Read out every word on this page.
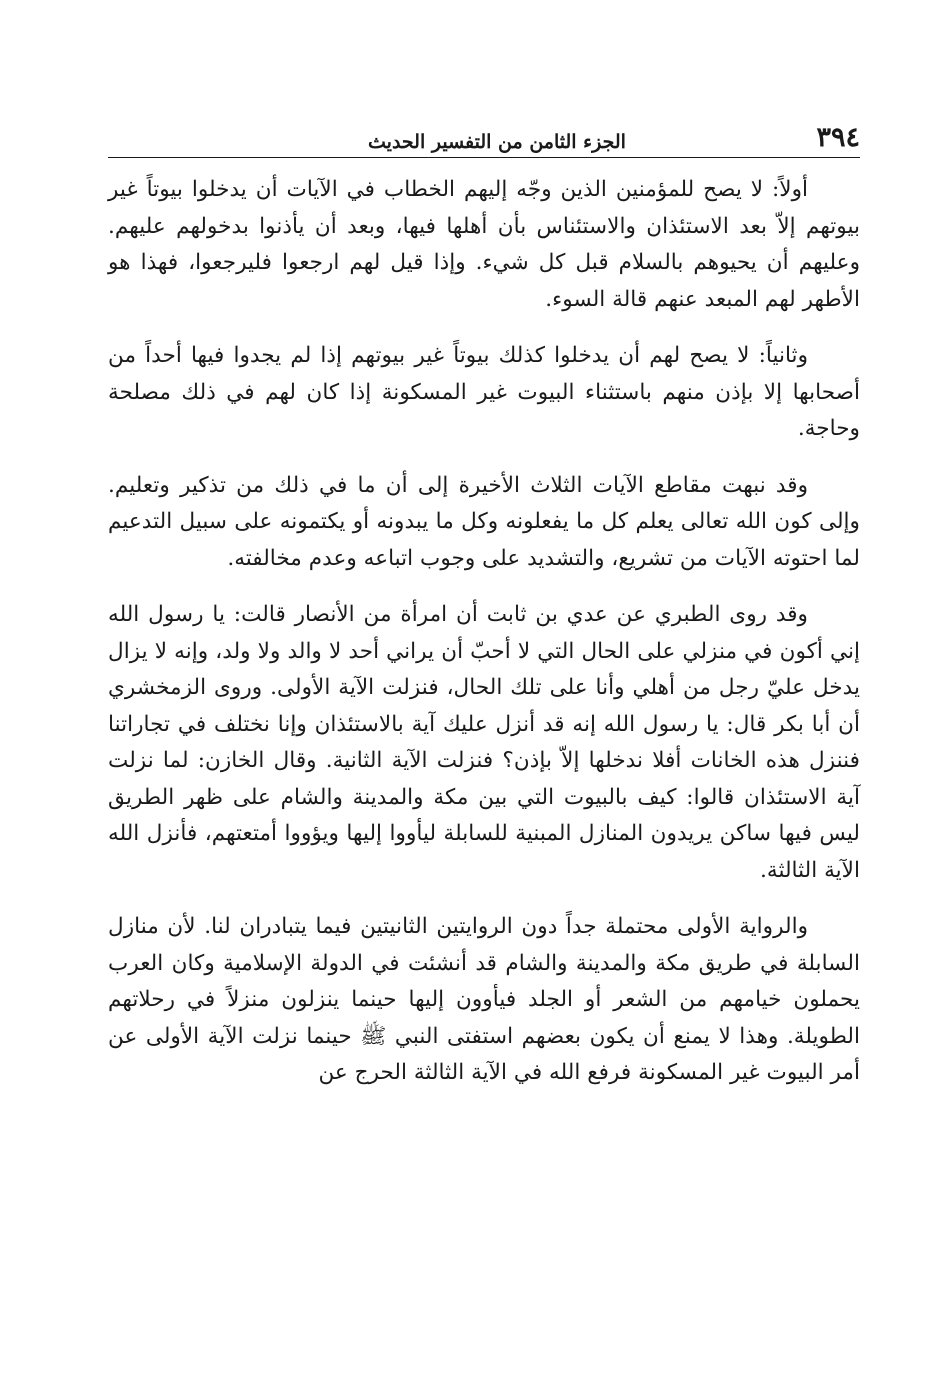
٣٩٤
الجزء الثامن من التفسير الحديث

أولاً: لا يصح للمؤمنين الذين وجّه إليهم الخطاب في الآيات أن يدخلوا بيوتاً غير بيوتهم إلاّ بعد الاستئذان والاستئناس بأن أهلها فيها، وبعد أن يأذنوا بدخولهم عليهم. وعليهم أن يحيوهم بالسلام قبل كل شيء. وإذا قيل لهم ارجعوا فليرجعوا، فهذا هو الأطهر لهم المبعد عنهم قالة السوء.

وثانياً: لا يصح لهم أن يدخلوا كذلك بيوتاً غير بيوتهم إذا لم يجدوا فيها أحداً من أصحابها إلا بإذن منهم باستثناء البيوت غير المسكونة إذا كان لهم في ذلك مصلحة وحاجة.

وقد نبهت مقاطع الآيات الثلاث الأخيرة إلى أن ما في ذلك من تذكير وتعليم. وإلى كون الله تعالى يعلم كل ما يفعلونه وكل ما يبدونه أو يكتمونه على سبيل التدعيم لما احتوته الآيات من تشريع، والتشديد على وجوب اتباعه وعدم مخالفته.

وقد روى الطبري عن عدي بن ثابت أن امرأة من الأنصار قالت: يا رسول الله إني أكون في منزلي على الحال التي لا أحبّ أن يراني أحد لا والد ولا ولد، وإنه لا يزال يدخل عليّ رجل من أهلي وأنا على تلك الحال، فنزلت الآية الأولى. وروى الزمخشري أن أبا بكر قال: يا رسول الله إنه قد أنزل عليك آية بالاستئذان وإنا نختلف في تجاراتنا فننزل هذه الخانات أفلا ندخلها إلاّ بإذن؟ فنزلت الآية الثانية. وقال الخازن: لما نزلت آية الاستئذان قالوا: كيف بالبيوت التي بين مكة والمدينة والشام على ظهر الطريق ليس فيها ساكن يريدون المنازل المبنية للسابلة ليأووا إليها ويؤووا أمتعتهم، فأنزل الله الآية الثالثة.

والرواية الأولى محتملة جداً دون الروايتين الثانيتين فيما يتبادران لنا. لأن منازل السابلة في طريق مكة والمدينة والشام قد أنشئت في الدولة الإسلامية وكان العرب يحملون خيامهم من الشعر أو الجلد فيأوون إليها حينما ينزلون منزلاً في رحلاتهم الطويلة. وهذا لا يمنع أن يكون بعضهم استفتى النبي ﷺ حينما نزلت الآية الأولى عن أمر البيوت غير المسكونة فرفع الله في الآية الثالثة الحرج عن
